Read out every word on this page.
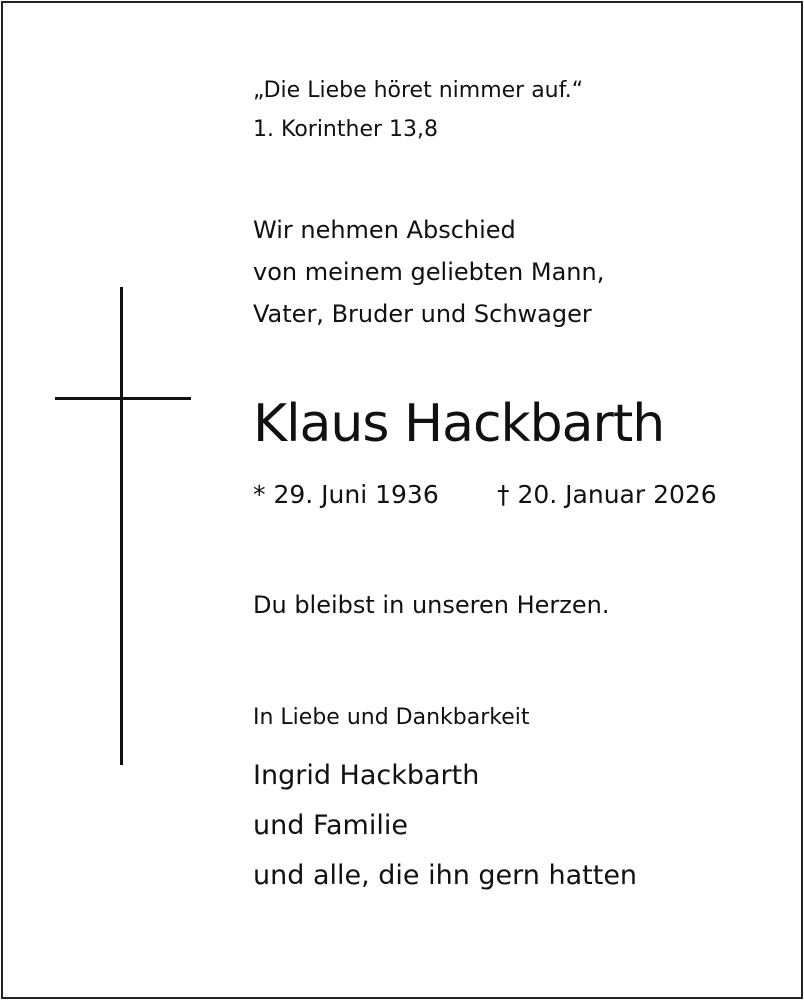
„Die Liebe höret nimmer auf.“
1. Korinther 13,8
Wir nehmen Abschied
von meinem geliebten Mann,
Vater, Bruder und Schwager
Klaus Hackbarth
* 29. Juni 1936 † 20. Januar 2026
Du bleibst in unseren Herzen.
In Liebe und Dankbarkeit
Ingrid Hackbarth
und Familie
und alle, die ihn gern hatten
